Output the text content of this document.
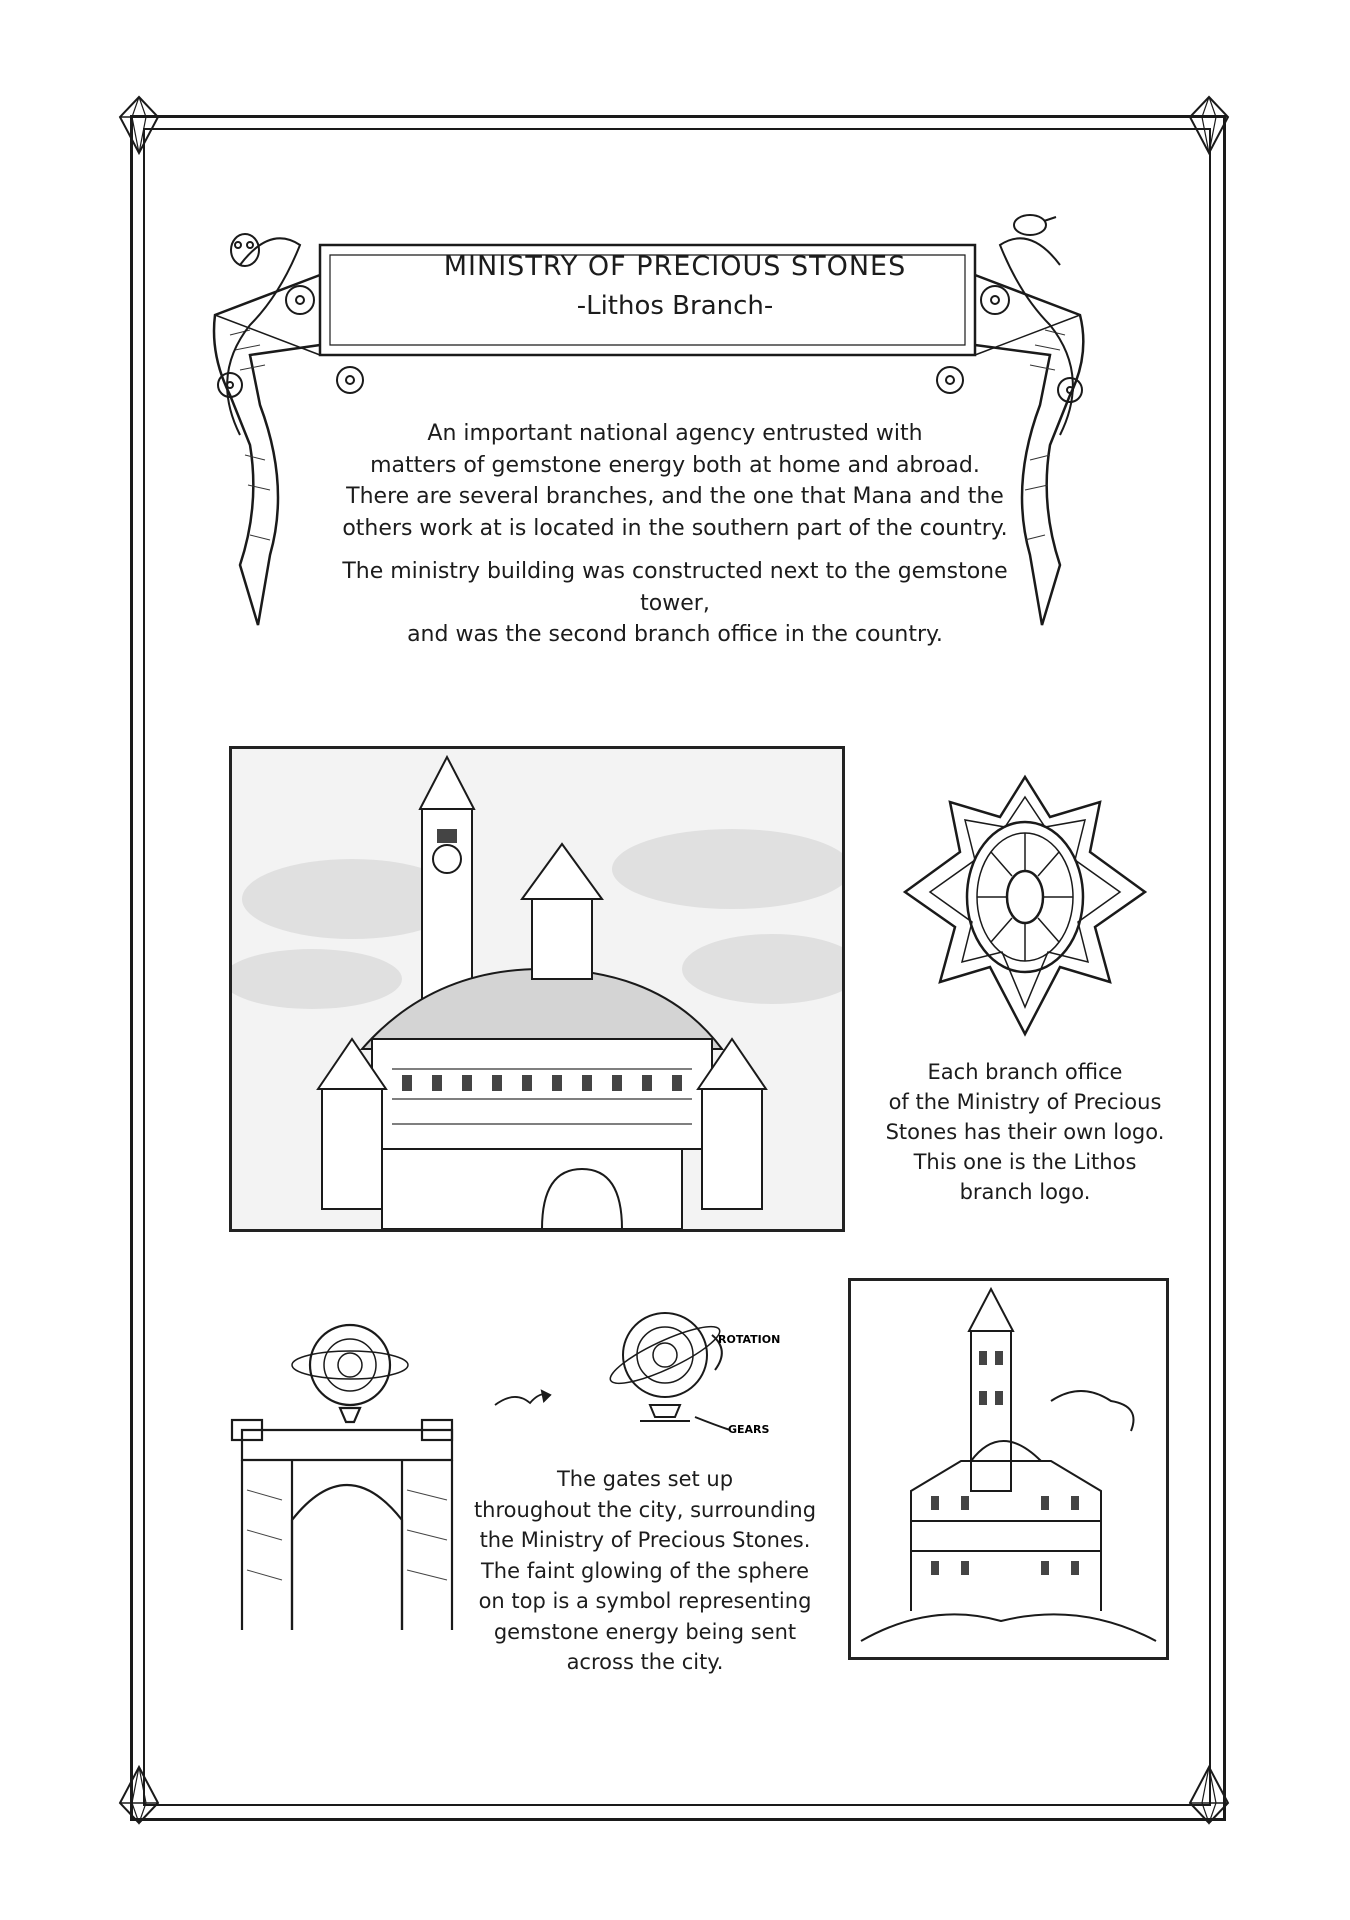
MINISTRY OF PRECIOUS STONES
-Lithos Branch-

An important national agency entrusted with

matters of gemstone energy both at home and abroad.

There are several branches, and the one that Mana and the

others work at is located in the southern part of the country.

The ministry building was constructed next to the gemstone tower,

and was the second branch office in the country.

Each branch office

of the Ministry of Precious

Stones has their own logo.

This one is the Lithos

branch logo.

ROTATION
GEARS

The gates set up

throughout the city, surrounding

the Ministry of Precious Stones.

The faint glowing of the sphere

on top is a symbol representing

gemstone energy being sent

across the city.
